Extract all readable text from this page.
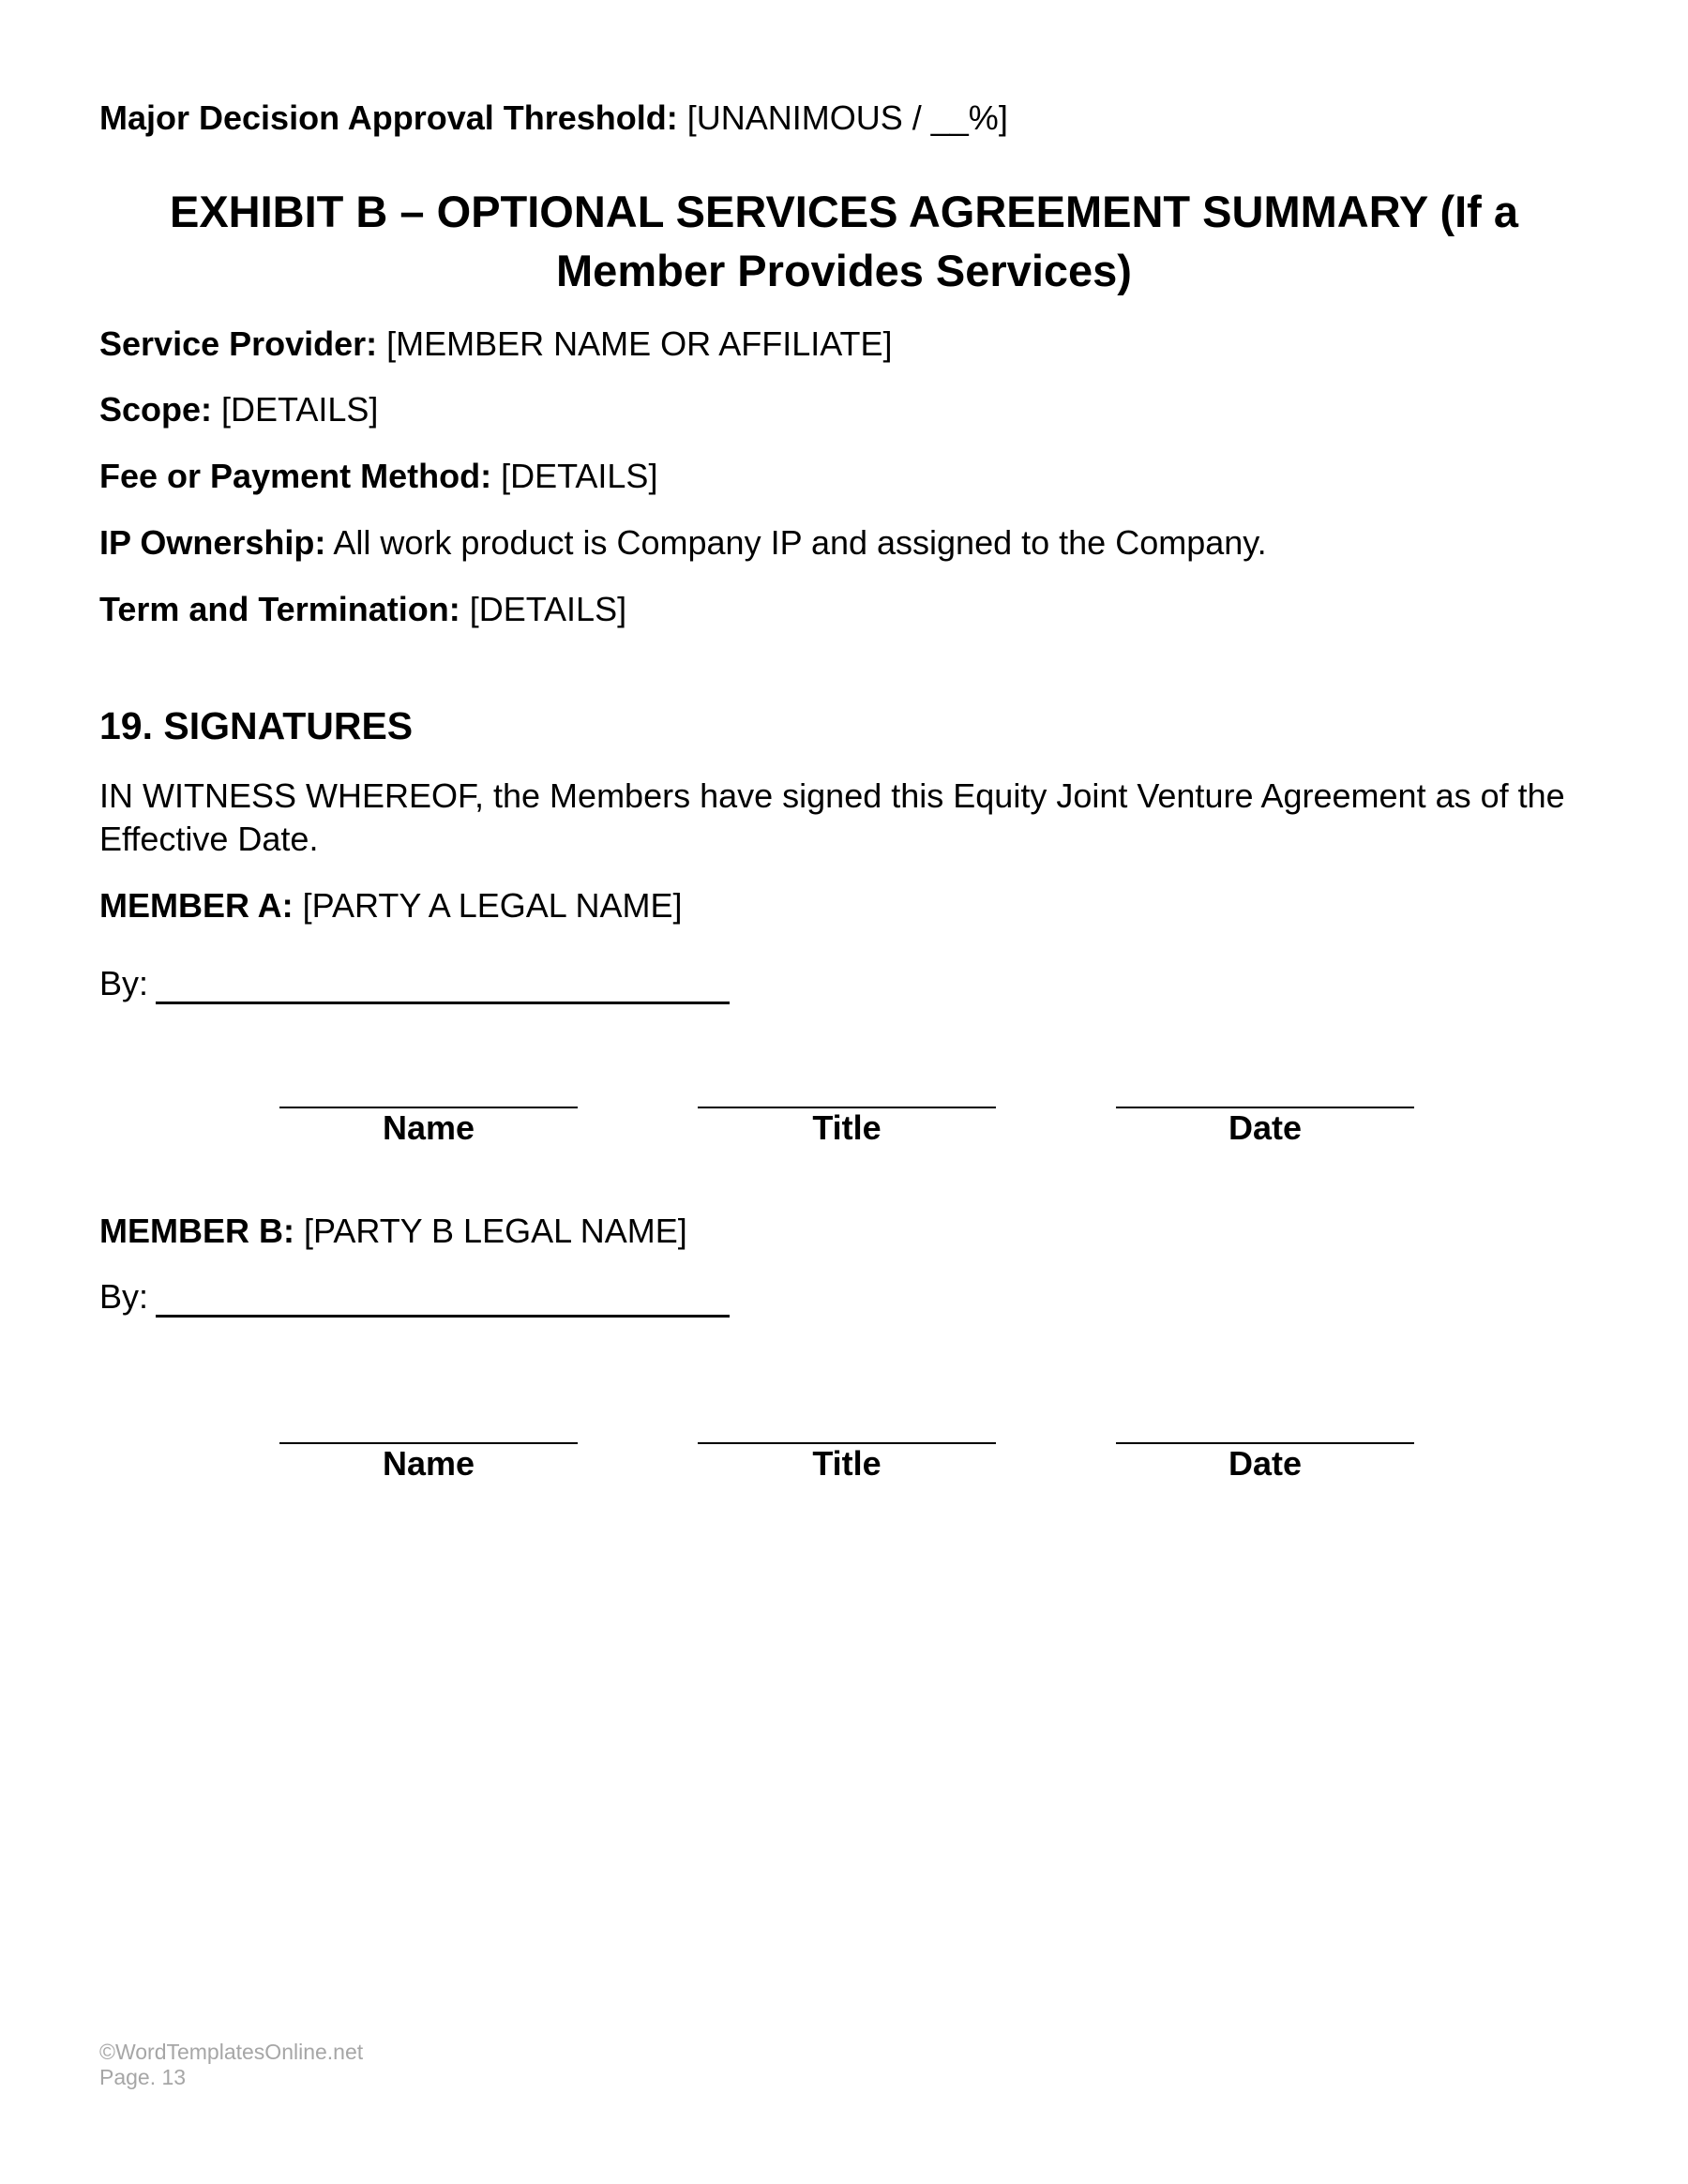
Major Decision Approval Threshold: [UNANIMOUS / __%]
EXHIBIT B – OPTIONAL SERVICES AGREEMENT SUMMARY (If a
Member Provides Services)
Service Provider: [MEMBER NAME OR AFFILIATE]
Scope: [DETAILS]
Fee or Payment Method: [DETAILS]
IP Ownership: All work product is Company IP and assigned to the Company.
Term and Termination: [DETAILS]
19. SIGNATURES
IN WITNESS WHEREOF, the Members have signed this Equity Joint Venture Agreement as of the Effective Date.
MEMBER A: [PARTY A LEGAL NAME]
By:
Name	Title	Date
MEMBER B: [PARTY B LEGAL NAME]
By:
Name	Title	Date
©WordTemplatesOnline.net
Page. 13
